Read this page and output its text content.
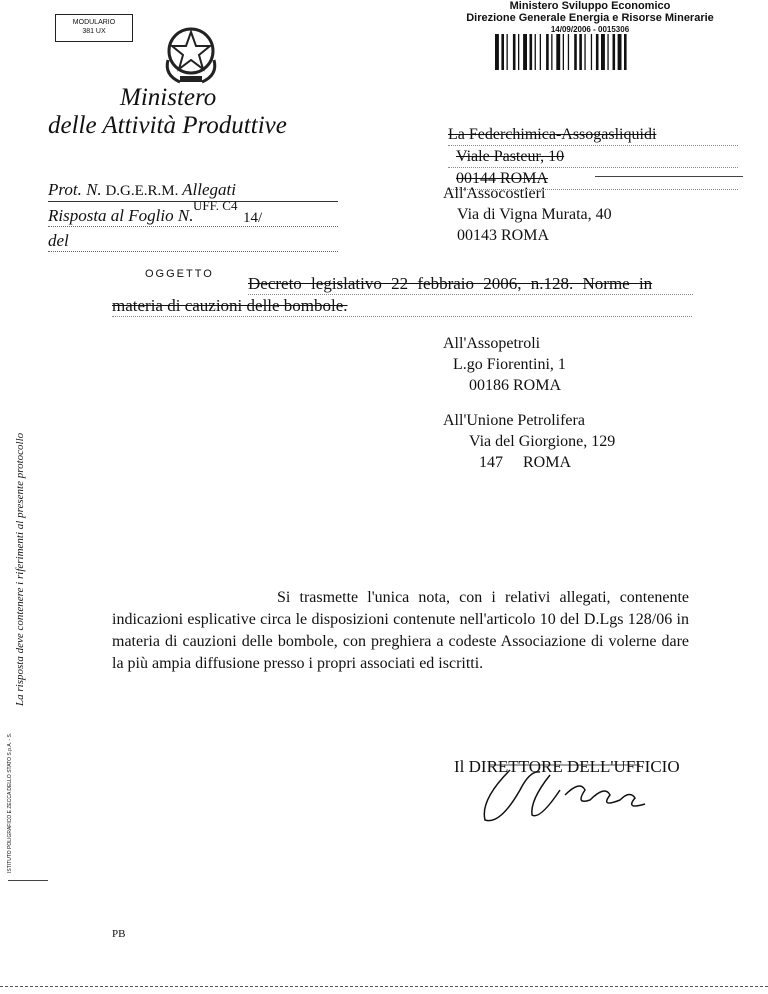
MODULARIO
381 UX
Ministero
delle Attività Produttive
Ministero Sviluppo Economico
Direzione Generale Energia e Risorse Minerarie
14/09/2006 - 0015306
La Federchimica-Assogasliquidi
Viale Pasteur, 10
00144 ROMA
All'Assocostieri
Via di Vigna Murata, 40
00143 ROMA
Prot. N. D.G.E.R.M. Allegati
Risposta al Foglio N.
UFF. C4
14/
del
OGGETTO Decreto legislativo 22 febbraio 2006, n.128. Norme in
materia di cauzioni delle bombole.
All'Assopetroli
L.go Fiorentini, 1
00186 ROMA
All'Unione Petrolifera
Via del Giorgione, 129
147     ROMA
Si trasmette l'unica nota, con i relativi allegati, contenente indicazioni esplicative circa le disposizioni contenute nell'articolo 10 del D.Lgs 128/06 in materia di cauzioni delle bombole, con preghiera a codeste Associazione di volerne dare la più ampia diffusione presso i propri associati ed iscritti.
Il DIRETTORE DELL'UFFICIO
La risposta deve contenere i riferimenti al presente protocollo
ISTITUTO POLIGRAFICO E ZECCA DELLO STATO S.p.A. - S.
PB
